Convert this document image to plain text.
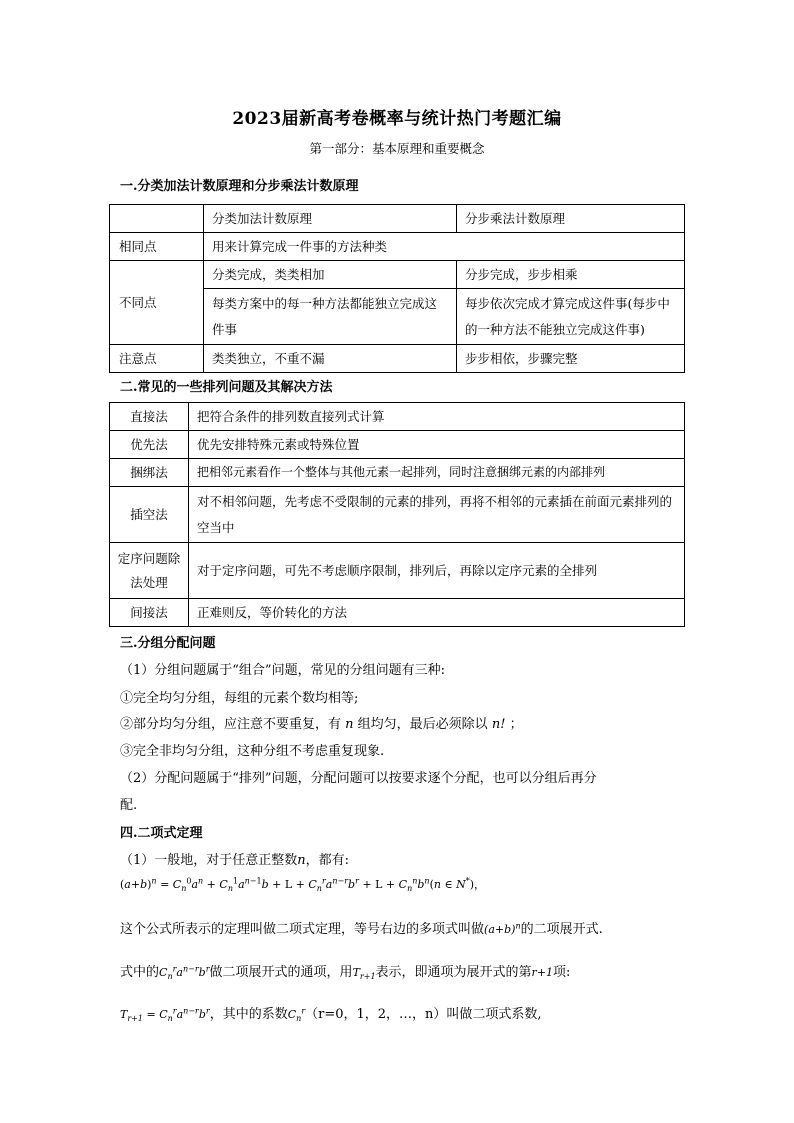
2023届新高考卷概率与统计热门考题汇编
第一部分：基本原理和重要概念
一.分类加法计数原理和分步乘法计数原理
	分类加法计数原理	分步乘法计数原理
相同点	用来计算完成一件事的方法种类	
不同点	分类完成，类类相加	分步完成，步步相乘
	每类方案中的每一种方法都能独立完成这件事	每步依次完成才算完成这件事(每步中的一种方法不能独立完成这件事)
注意点	类类独立，不重不漏	步步相依，步骤完整
二.常见的一些排列问题及其解决方法
直接法	把符合条件的排列数直接列式计算
优先法	优先安排特殊元素或特殊位置
捆绑法	把相邻元素看作一个整体与其他元素一起排列，同时注意捆绑元素的内部排列
插空法	对不相邻问题，先考虑不受限制的元素的排列，再将不相邻的元素插在前面元素排列的空当中
定序问题除法处理	对于定序问题，可先不考虑顺序限制，排列后，再除以定序元素的全排列
间接法	正难则反，等价转化的方法
三.分组分配问题
（1）分组问题属于“组合”问题，常见的分组问题有三种:
①完全均匀分组，每组的元素个数均相等;
②部分均匀分组，应注意不要重复，有 n 组均匀，最后必须除以 n! ；
③完全非均匀分组，这种分组不考虑重复现象.
（2）分配问题属于“排列”问题，分配问题可以按要求逐个分配，也可以分组后再分
配.
四.二项式定理
（1）一般地，对于任意正整数n，都有:
$(a+b)^n = C_n^0a^n + C_n^1a^{n-1}b + L + C_n^ra^{n-r}b^r + L + C_n^nb^n(n$ ∈ N*)，
这个公式所表示的定理叫做二项式定理，等号右边的多项式叫做$(a+b)^n$的二项展开式.
式中的$C_n^ra^{n-r}b^r$做二项展开式的通项，用$T_{r+1}$表示，即通项为展开式的第r+1项:
$T_{r+1} = C_n^ra^{n-r}b^r$，其中的系数$C_n^r(r=0$，1，2，…，n）叫做二项式系数,
